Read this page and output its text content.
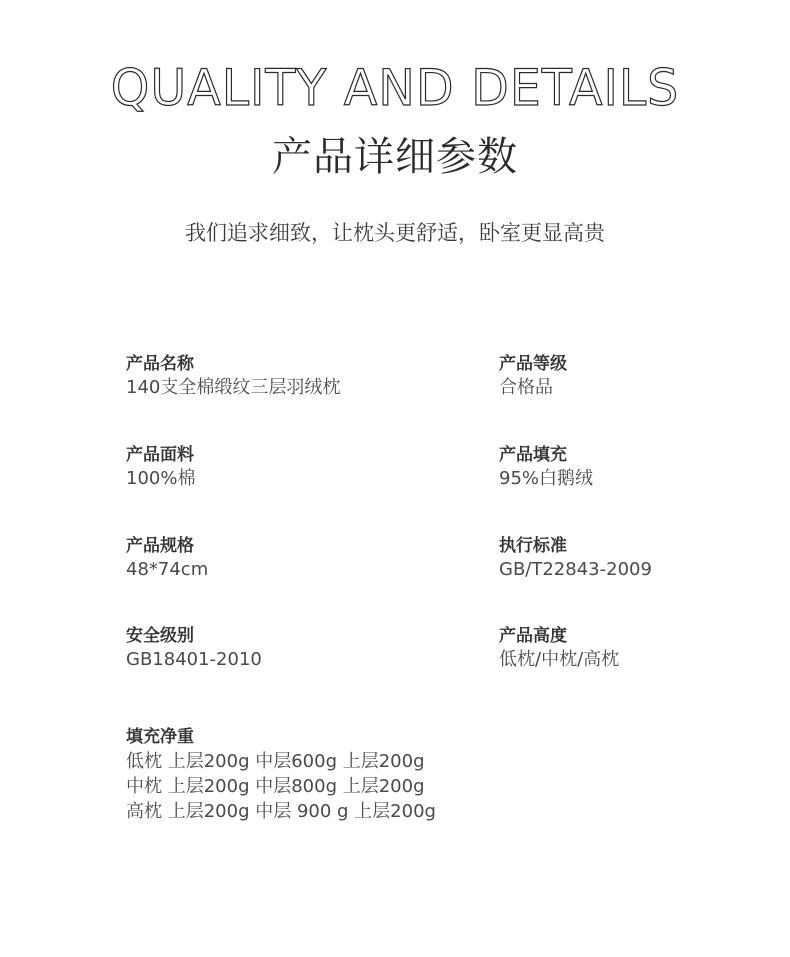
QUALITY AND DETAILS
产品详细参数
我们追求细致，让枕头更舒适，卧室更显高贵

产品名称

140支全棉缎纹三层羽绒枕

产品等级

合格品

产品面料

100%棉

产品填充

95%白鹅绒

产品规格

48*74cm

执行标准

GB/T22843-2009

安全级别

GB18401-2010

产品高度

低枕/中枕/高枕

填充净重

低枕 上层200g 中层600g 上层200g

中枕 上层200g 中层800g 上层200g

高枕 上层200g 中层 900 g 上层200g
